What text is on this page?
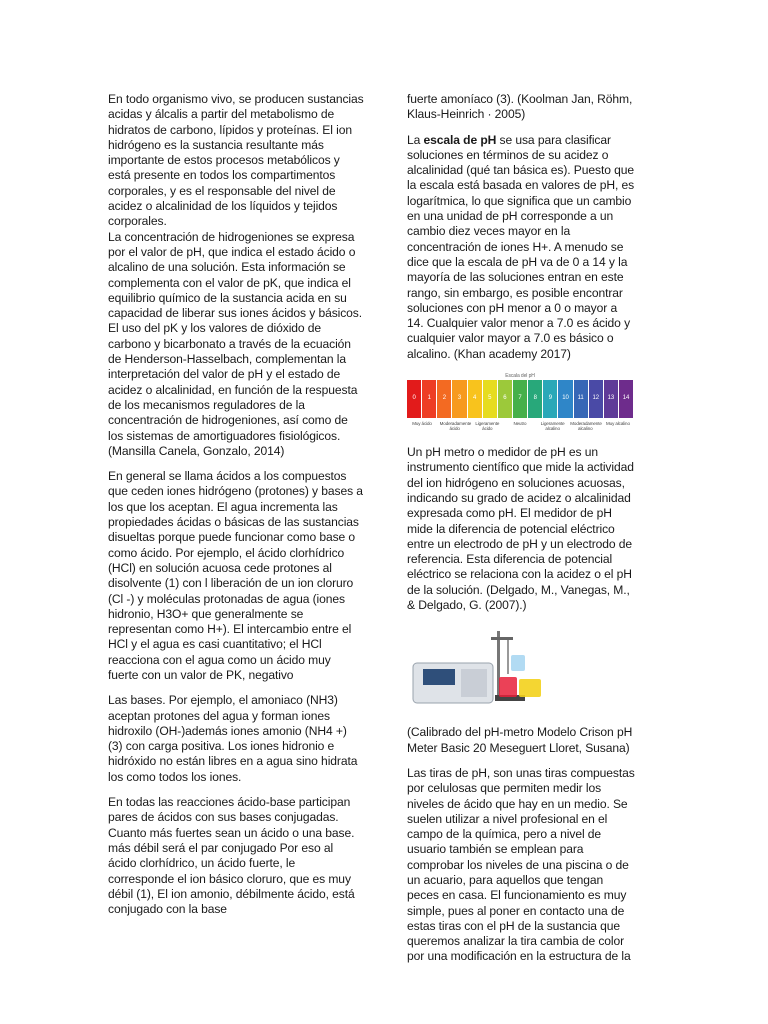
En todo organismo vivo, se producen sustancias acidas y álcalis a partir del metabolismo de hidratos de carbono, lípidos y proteínas. El ion hidrógeno es la sustancia resultante más importante de estos procesos metabólicos y está presente en todos los compartimentos corporales, y es el responsable del nivel de acidez o alcalinidad de los líquidos y tejidos corporales.

La concentración de hidrogeniones se expresa por el valor de pH, que indica el estado ácido o alcalino de una solución. Esta información se complementa con el valor de pK, que indica el equilibrio químico de la sustancia acida en su capacidad de liberar sus iones ácidos y básicos. El uso del pK y los valores de dióxido de carbono y bicarbonato a través de la ecuación de Henderson-Hasselbach, complementan la interpretación del valor de pH y el estado de acidez o alcalinidad, en función de la respuesta de los mecanismos reguladores de la concentración de hidrogeniones, así como de los sistemas de amortiguadores fisiológicos. (Mansilla Canela, Gonzalo, 2014)

En general se llama ácidos a los compuestos que ceden iones hidrógeno (protones) y bases a los que los aceptan. El agua incrementa las propiedades ácidas o básicas de las sustancias disueltas porque puede funcionar como base o como ácido. Por ejemplo, el ácido clorhídrico (HCl) en solución acuosa cede protones al disolvente (1) con l liberación de un ion cloruro (Cl -) y moléculas protonadas de agua (iones hidronio, H3O+ que generalmente se representan como H+). El intercambio entre el HCl y el agua es casi cuantitativo; el HCl reacciona con el agua como un ácido muy fuerte con un valor de PK, negativo

Las bases. Por ejemplo, el amoniaco (NH3) aceptan protones del agua y forman iones hidroxilo (OH-)además iones amonio (NH4 +) (3) con carga positiva. Los iones hidronio e hidróxido no están libres en a agua sino hidrata los como todos los iones.

En todas las reacciones ácido-base participan pares de ácidos con sus bases conjugadas. Cuanto más fuertes sean un ácido o una base. más débil será el par conjugado Por eso al ácido clorhídrico, un ácido fuerte, le corresponde el ion básico cloruro, que es muy débil (1), El ion amonio, débilmente ácido, está conjugado con la base

fuerte amoníaco (3). (Koolman Jan, Röhm, Klaus-Heinrich · 2005)

La escala de pH se usa para clasificar soluciones en términos de su acidez o alcalinidad (qué tan básica es). Puesto que la escala está basada en valores de pH, es logarítmica, lo que significa que un cambio en una unidad de pH corresponde a un cambio diez veces mayor en la concentración de iones H+. A menudo se dice que la escala de pH va de 0 a 14 y la mayoría de las soluciones entran en este rango, sin embargo, es posible encontrar soluciones con pH menor a 0 o mayor a 14. Cualquier valor menor a 7.0 es ácido y cualquier valor mayor a 7.0 es básico o alcalino. (Khan academy 2017)

Escala del pH
0	1	2	3	4	5	6	7	8	9	10	11	12	13	14
Muy ácido	Moderadamente ácido
Ligeramente ácido
Neutro	Ligeramente alcalino
Moderadamente alcalino
Muy alcalino

Un pH metro o medidor de pH es un instrumento científico que mide la actividad del ion hidrógeno en soluciones acuosas, indicando su grado de acidez o alcalinidad expresada como pH. El medidor de pH mide la diferencia de potencial eléctrico entre un electrodo de pH y un electrodo de referencia. Esta diferencia de potencial eléctrico se relaciona con la acidez o el pH de la solución. (Delgado, M., Vanegas, M., & Delgado, G. (2007).)

(Calibrado del pH-metro Modelo Crison pH Meter Basic 20 Meseguert Lloret, Susana)

Las tiras de pH, son unas tiras compuestas por celulosas que permiten medir los niveles de ácido que hay en un medio. Se suelen utilizar a nivel profesional en el campo de la química, pero a nivel de usuario también se emplean para comprobar los niveles de una piscina o de un acuario, para aquellos que tengan peces en casa. El funcionamiento es muy simple, pues al poner en contacto una de estas tiras con el pH de la sustancia que queremos analizar la tira cambia de color por una modificación en la estructura de la
